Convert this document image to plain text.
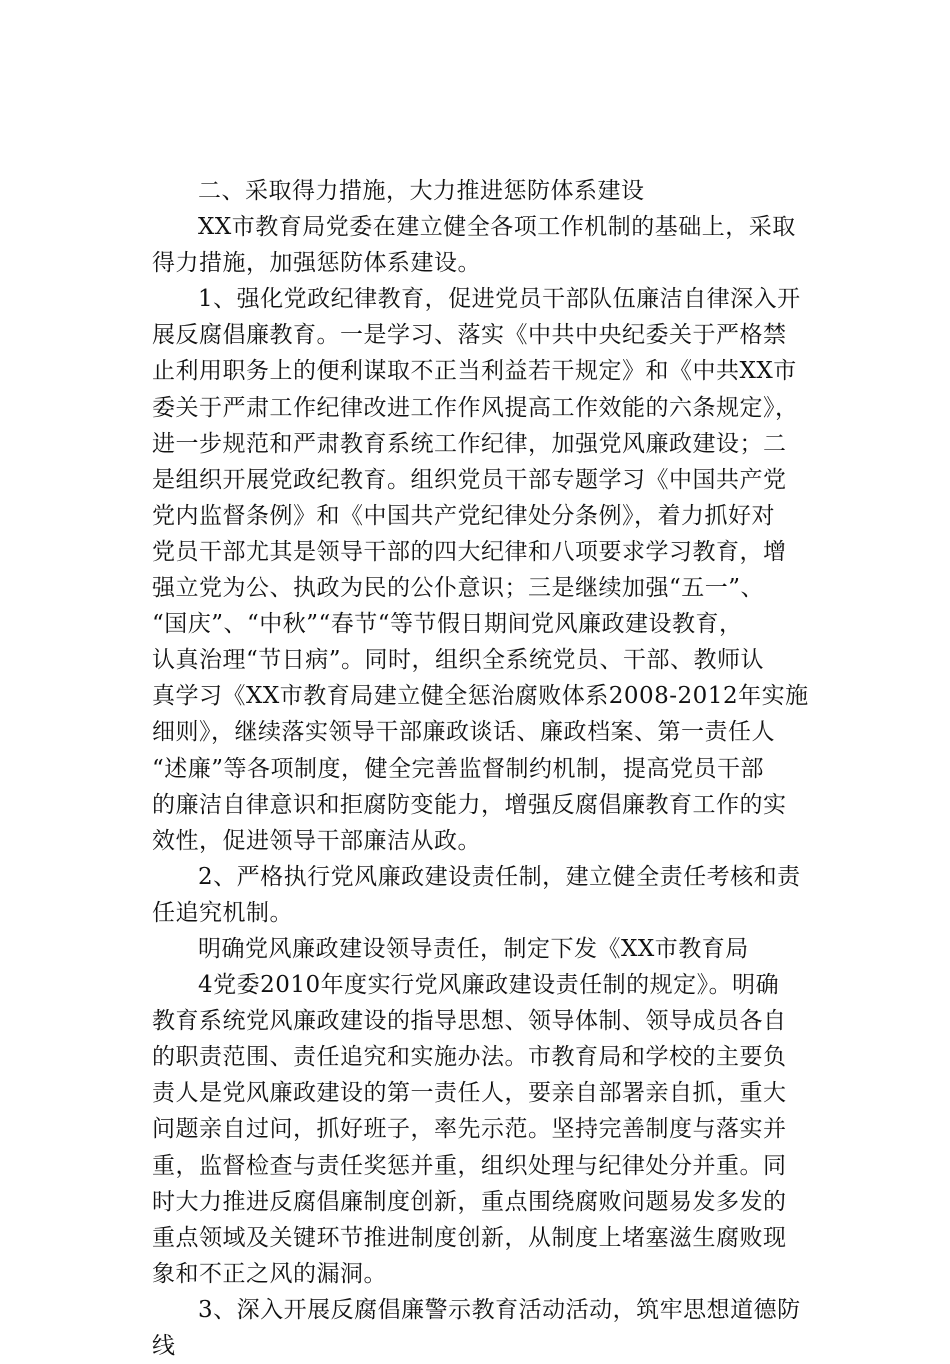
二、采取得力措施，大力推进惩防体系建设
XX市教育局党委在建立健全各项工作机制的基础上，采取
得力措施，加强惩防体系建设。
1、强化党政纪律教育，促进党员干部队伍廉洁自律深入开
展反腐倡廉教育。一是学习、落实《中共中央纪委关于严格禁
止利用职务上的便利谋取不正当利益若干规定》和《中共XX市
委关于严肃工作纪律改进工作作风提高工作效能的六条规定》，
进一步规范和严肃教育系统工作纪律，加强党风廉政建设；二
是组织开展党政纪教育。组织党员干部专题学习《中国共产党
党内监督条例》和《中国共产党纪律处分条例》，着力抓好对
党员干部尤其是领导干部的四大纪律和八项要求学习教育，增
强立党为公、执政为民的公仆意识；三是继续加强“五一”、
“国庆”、“中秋”“春节“等节假日期间党风廉政建设教育，
认真治理“节日病”。同时，组织全系统党员、干部、教师认
真学习《XX市教育局建立健全惩治腐败体系2008-2012年实施
细则》，继续落实领导干部廉政谈话、廉政档案、第一责任人
“述廉”等各项制度，健全完善监督制约机制，提高党员干部
的廉洁自律意识和拒腐防变能力，增强反腐倡廉教育工作的实
效性，促进领导干部廉洁从政。
2、严格执行党风廉政建设责任制，建立健全责任考核和责
任追究机制。
明确党风廉政建设领导责任，制定下发《XX市教育局
4党委2010年度实行党风廉政建设责任制的规定》。明确
教育系统党风廉政建设的指导思想、领导体制、领导成员各自
的职责范围、责任追究和实施办法。市教育局和学校的主要负
责人是党风廉政建设的第一责任人，要亲自部署亲自抓，重大
问题亲自过问，抓好班子，率先示范。坚持完善制度与落实并
重，监督检查与责任奖惩并重，组织处理与纪律处分并重。同
时大力推进反腐倡廉制度创新，重点围绕腐败问题易发多发的
重点领域及关键环节推进制度创新，从制度上堵塞滋生腐败现
象和不正之风的漏洞。
3、深入开展反腐倡廉警示教育活动活动，筑牢思想道德防
线
